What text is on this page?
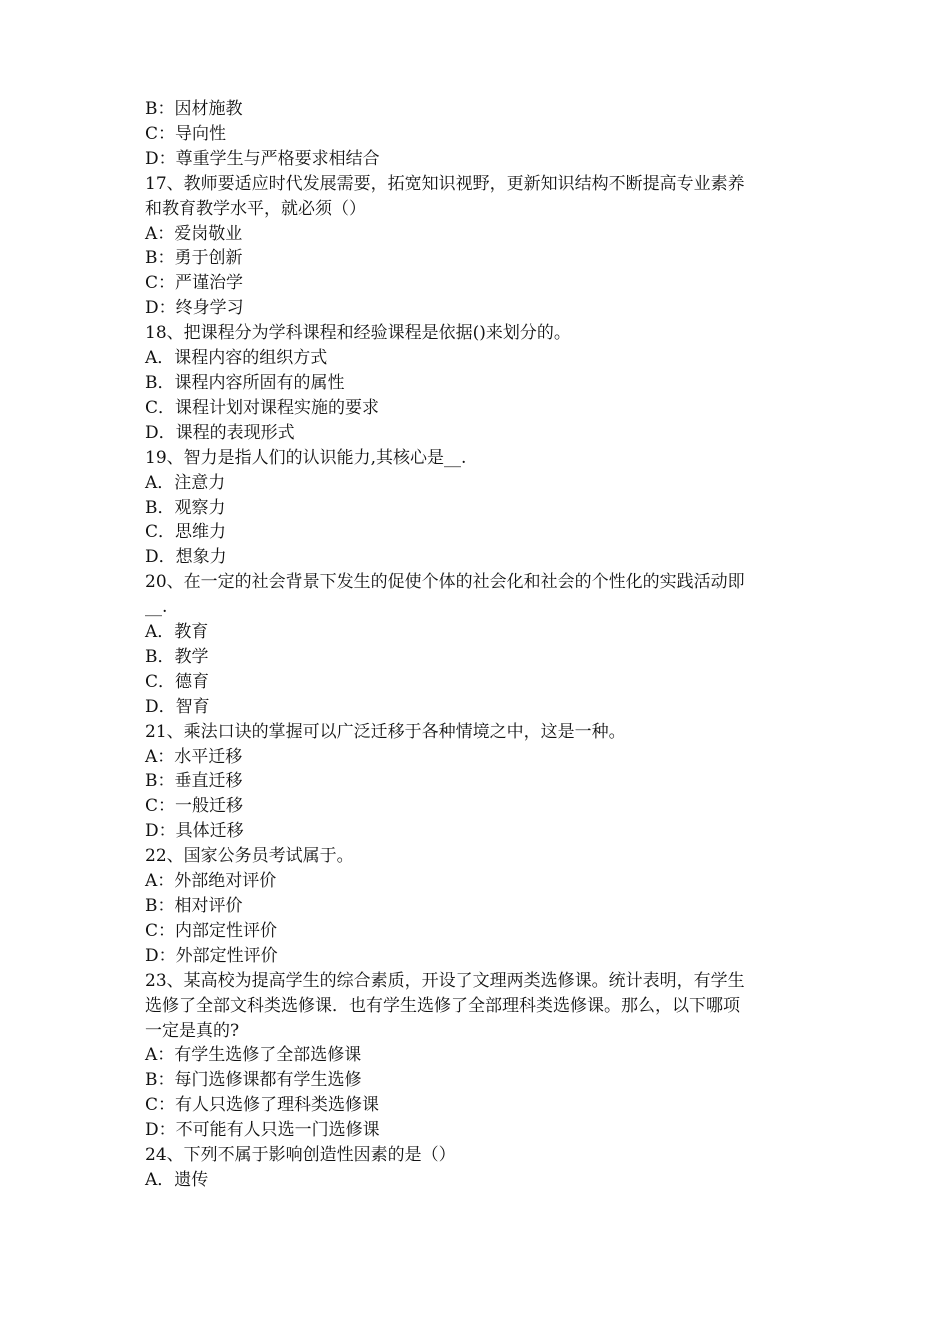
B：因材施教
C：导向性
D：尊重学生与严格要求相结合
17、教师要适应时代发展需要，拓宽知识视野，更新知识结构不断提高专业素养
和教育教学水平，就必须（）
A：爱岗敬业
B：勇于创新
C：严谨治学
D：终身学习
18、把课程分为学科课程和经验课程是依据()来划分的。
A．课程内容的组织方式
B．课程内容所固有的属性
C．课程计划对课程实施的要求
D．课程的表现形式
19、智力是指人们的认识能力,其核心是__.
A．注意力
B．观察力
C．思维力
D．想象力
20、在一定的社会背景下发生的促使个体的社会化和社会的个性化的实践活动即
__.
A．教育
B．教学
C．德育
D．智育
21、乘法口诀的掌握可以广泛迁移于各种情境之中，这是一种。
A：水平迁移
B：垂直迁移
C：一般迁移
D：具体迁移
22、国家公务员考试属于。
A：外部绝对评价
B：相对评价
C：内部定性评价
D：外部定性评价
23、某高校为提高学生的综合素质，开设了文理两类选修课。统计表明，有学生
选修了全部文科类选修课．也有学生选修了全部理科类选修课。那么，以下哪项
一定是真的?
A：有学生选修了全部选修课
B：每门选修课都有学生选修
C：有人只选修了理科类选修课
D：不可能有人只选一门选修课
24、下列不属于影响创造性因素的是（）
A．遗传
